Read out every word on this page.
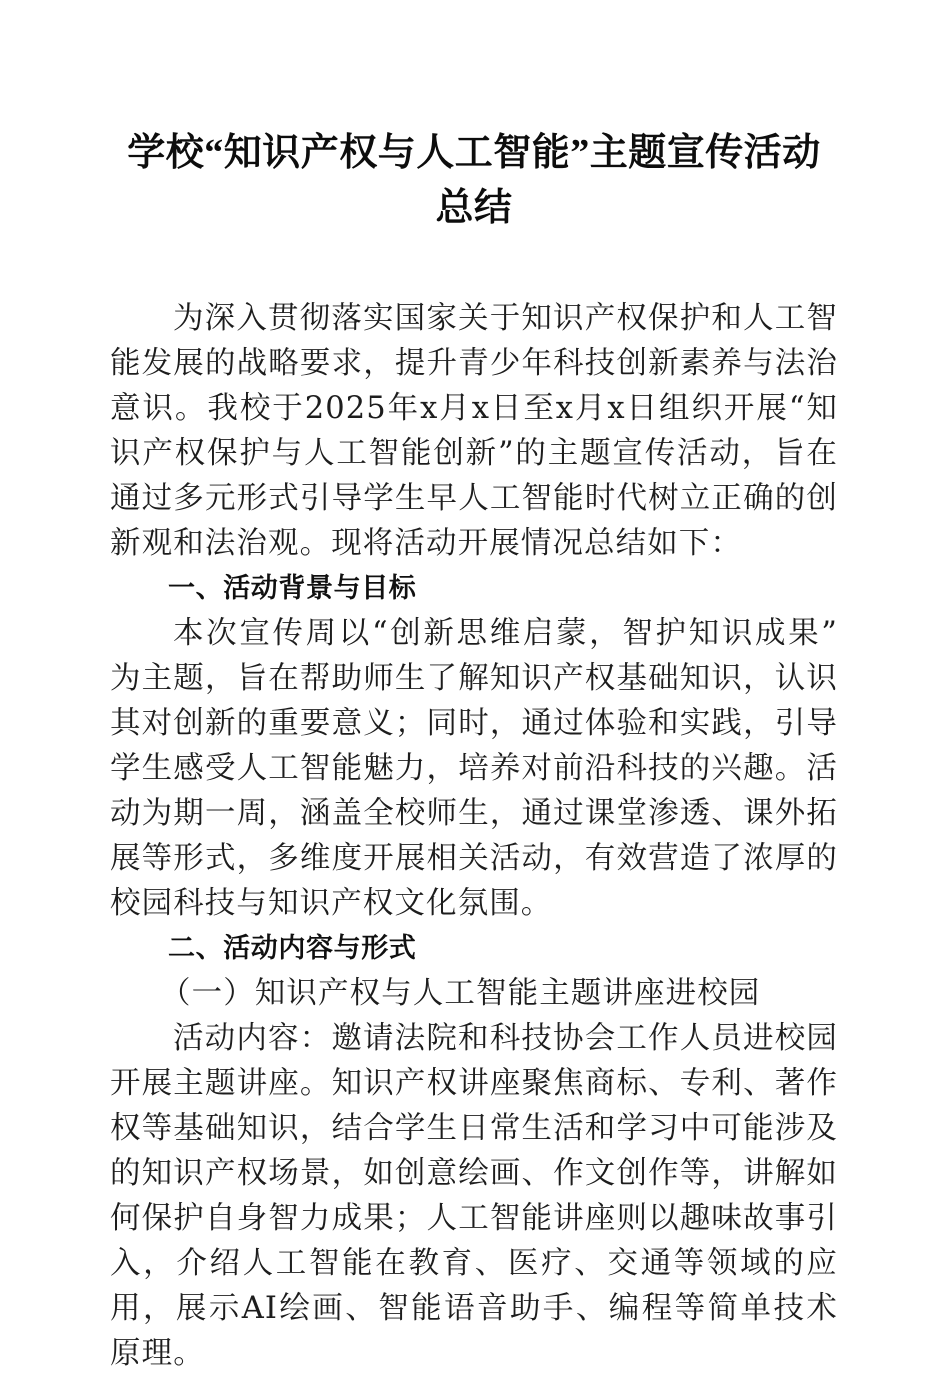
学校“知识产权与人工智能”主题宣传活动总结

为深入贯彻落实国家关于知识产权保护和人工智能发展的战略要求，提升青少年科技创新素养与法治意识。我校于2025年x月x日至x月x日组织开展“知识产权保护与人工智能创新”的主题宣传活动，旨在通过多元形式引导学生早人工智能时代树立正确的创新观和法治观。现将活动开展情况总结如下：

一、活动背景与目标

本次宣传周以“创新思维启蒙，智护知识成果”为主题，旨在帮助师生了解知识产权基础知识，认识其对创新的重要意义；同时，通过体验和实践，引导学生感受人工智能魅力，培养对前沿科技的兴趣。活动为期一周，涵盖全校师生，通过课堂渗透、课外拓展等形式，多维度开展相关活动，有效营造了浓厚的校园科技与知识产权文化氛围。

二、活动内容与形式

（一）知识产权与人工智能主题讲座进校园

活动内容：邀请法院和科技协会工作人员进校园开展主题讲座。知识产权讲座聚焦商标、专利、著作权等基础知识，结合学生日常生活和学习中可能涉及的知识产权场景，如创意绘画、作文创作等，讲解如何保护自身智力成果；人工智能讲座则以趣味故事引入，介绍人工智能在教育、医疗、交通等领域的应用，展示AI绘画、智能语音助手、编程等简单技术原理。
